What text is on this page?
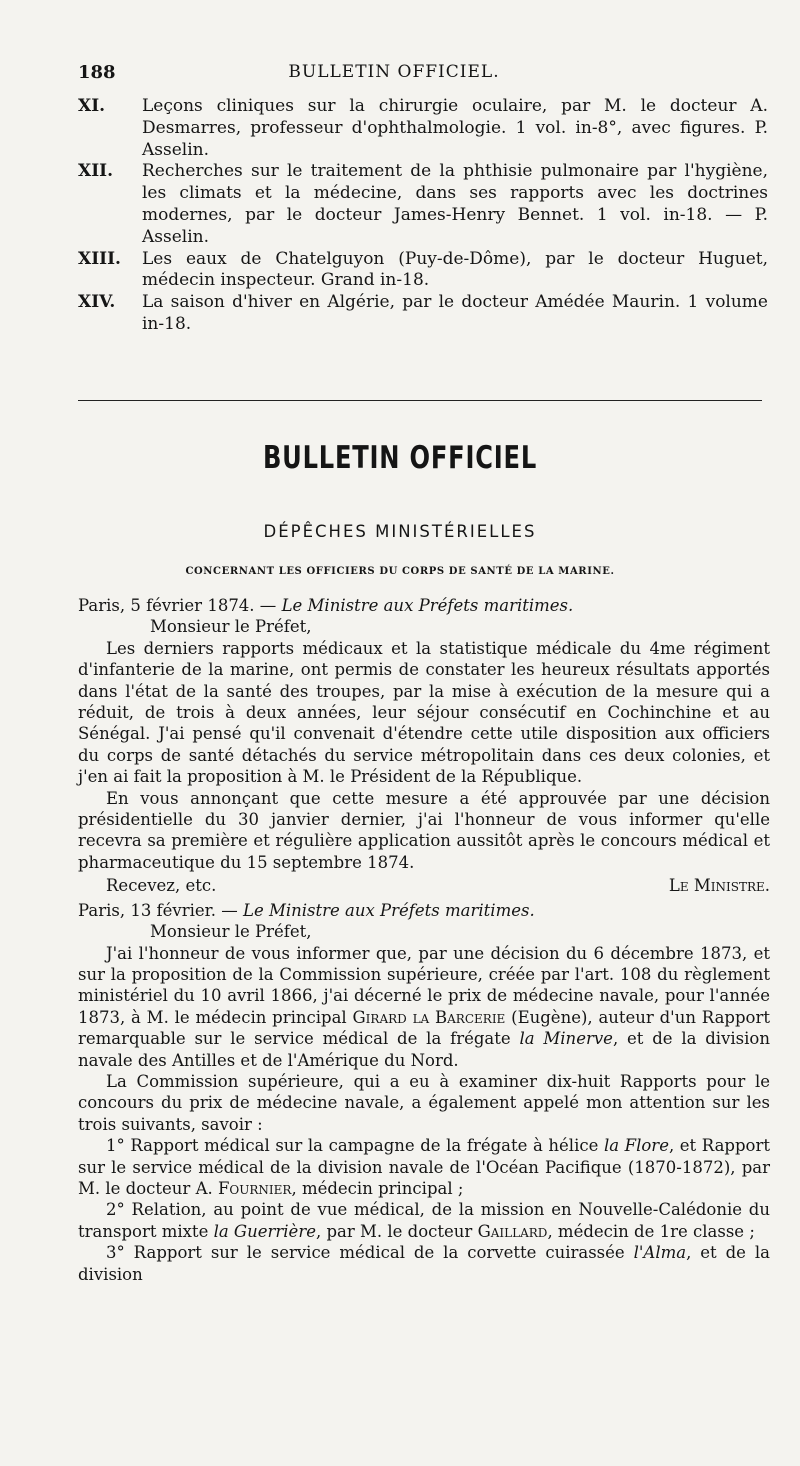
188	BULLETIN OFFICIEL.
XI.	Leçons cliniques sur la chirurgie oculaire, par M. le docteur A. Desmarres, professeur d'ophthalmologie. 1 vol. in-8°, avec figures. P. Asselin.
XII.	Recherches sur le traitement de la phthisie pulmonaire par l'hygiène, les climats et la médecine, dans ses rapports avec les doctrines modernes, par le docteur James-Henry Bennet. 1 vol. in-18. — P. Asselin.
XIII.	Les eaux de Chatelguyon (Puy-de-Dôme), par le docteur Huguet, médecin inspecteur. Grand in-18.
XIV.	La saison d'hiver en Algérie, par le docteur Amédée Maurin. 1 volume in-18.
BULLETIN OFFICIEL
DÉPÊCHES MINISTÉRIELLES
CONCERNANT LES OFFICIERS DU CORPS DE SANTÉ DE LA MARINE.

Paris, 5 février 1874. — Le Ministre aux Préfets maritimes.

Monsieur le Préfet,

Les derniers rapports médicaux et la statistique médicale du 4me régiment d'infanterie de la marine, ont permis de constater les heureux résultats apportés dans l'état de la santé des troupes, par la mise à exécution de la mesure qui a réduit, de trois à deux années, leur séjour consécutif en Cochinchine et au Sénégal. J'ai pensé qu'il convenait d'étendre cette utile disposition aux officiers du corps de santé détachés du service métropolitain dans ces deux colonies, et j'en ai fait la proposition à M. le Président de la République.

En vous annonçant que cette mesure a été approuvée par une décision présidentielle du 30 janvier dernier, j'ai l'honneur de vous informer qu'elle recevra sa première et régulière application aussitôt après le concours médical et pharmaceutique du 15 septembre 1874.

Recevez, etc.	Le Ministre.

Paris, 13 février. — Le Ministre aux Préfets maritimes.

Monsieur le Préfet,

J'ai l'honneur de vous informer que, par une décision du 6 décembre 1873, et sur la proposition de la Commission supérieure, créée par l'art. 108 du règlement ministériel du 10 avril 1866, j'ai décerné le prix de médecine navale, pour l'année 1873, à M. le médecin principal Girard la Barcerie (Eugène), auteur d'un Rapport remarquable sur le service médical de la frégate la Minerve, et de la division navale des Antilles et de l'Amérique du Nord.

La Commission supérieure, qui a eu à examiner dix-huit Rapports pour le concours du prix de médecine navale, a également appelé mon attention sur les trois suivants, savoir :

1° Rapport médical sur la campagne de la frégate à hélice la Flore, et Rapport sur le service médical de la division navale de l'Océan Pacifique (1870-1872), par M. le docteur A. Fournier, médecin principal ;

2° Relation, au point de vue médical, de la mission en Nouvelle-Calédonie du transport mixte la Guerrière, par M. le docteur Gaillard, médecin de 1re classe ;

3° Rapport sur le service médical de la corvette cuirassée l'Alma, et de la division
